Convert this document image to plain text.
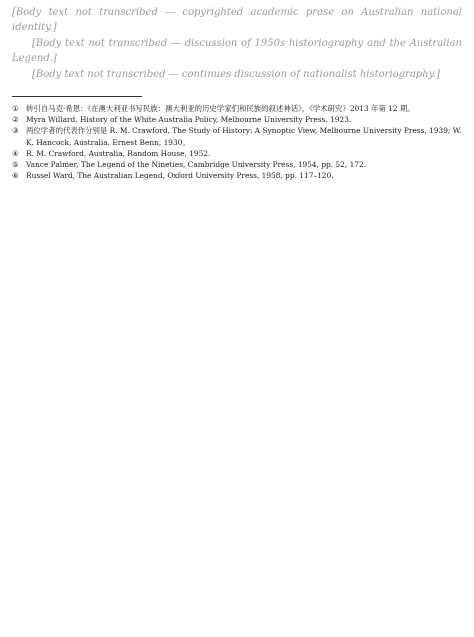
[Body text not transcribed — copyrighted academic prose on Australian national identity.]

[Body text not transcribed — discussion of 1950s historiography and the Australian Legend.]

[Body text not transcribed — continues discussion of nationalist historiography.]

① 转引自马克·希恩：《在澳大利亚书写民族：澳大利亚的历史学家们和民族的叙述神话》，《学术研究》2013 年第 12 期。

② Myra Willard, History of the White Australia Policy, Melbourne University Press, 1923.

③ 两位学者的代表作分别是 R. M. Crawford, The Study of History: A Synoptic View, Melbourne University Press, 1939; W. K. Hancock, Australia, Ernest Benn, 1930。

④ R. M. Crawford, Australia, Random House, 1952.

⑤ Vance Palmer, The Legend of the Nineties, Cambridge University Press, 1954, pp. 52, 172.

⑥ Russel Ward, The Australian Legend, Oxford University Press, 1958, pp. 117–120.
